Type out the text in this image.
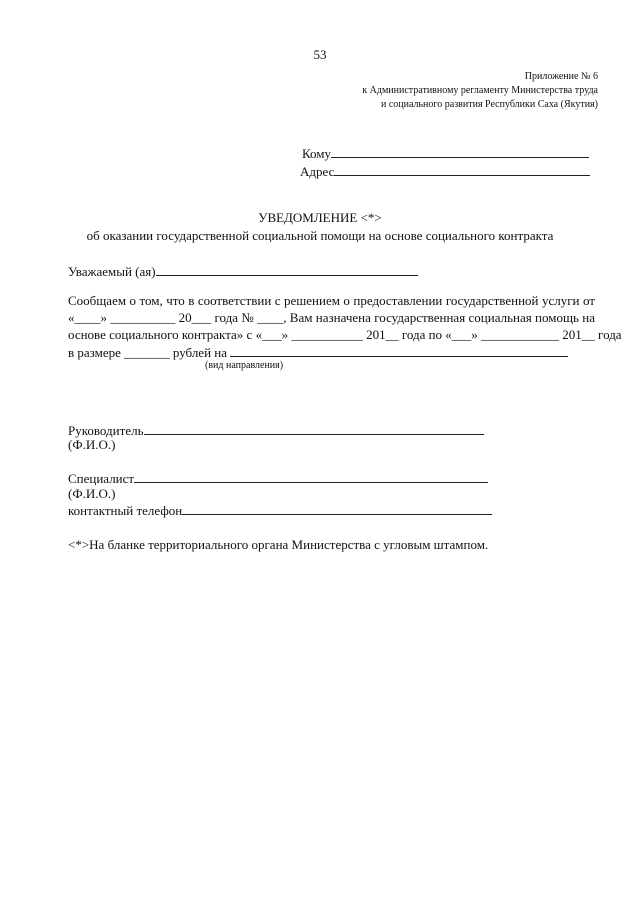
53
Приложение № 6
к Административному регламенту Министерства труда
и социального развития Республики Саха (Якутия)
Кому
Адрес
УВЕДОМЛЕНИЕ <*>
об оказании государственной социальной помощи на основе социального контракта
Уважаемый (ая)
Сообщаем о том, что в соответствии с решением о предоставлении государственной услуги от
«____» __________ 20___ года № ____, Вам назначена государственная социальная помощь на
основе социального контракта» с «___» ___________ 201__ года по «___» ____________ 201__ года
в размере _______ рублей на
(вид направления)
Руководитель
(Ф.И.О.)
Специалист
(Ф.И.О.)
контактный телефон
<*>На бланке территориального органа Министерства с угловым штампом.
